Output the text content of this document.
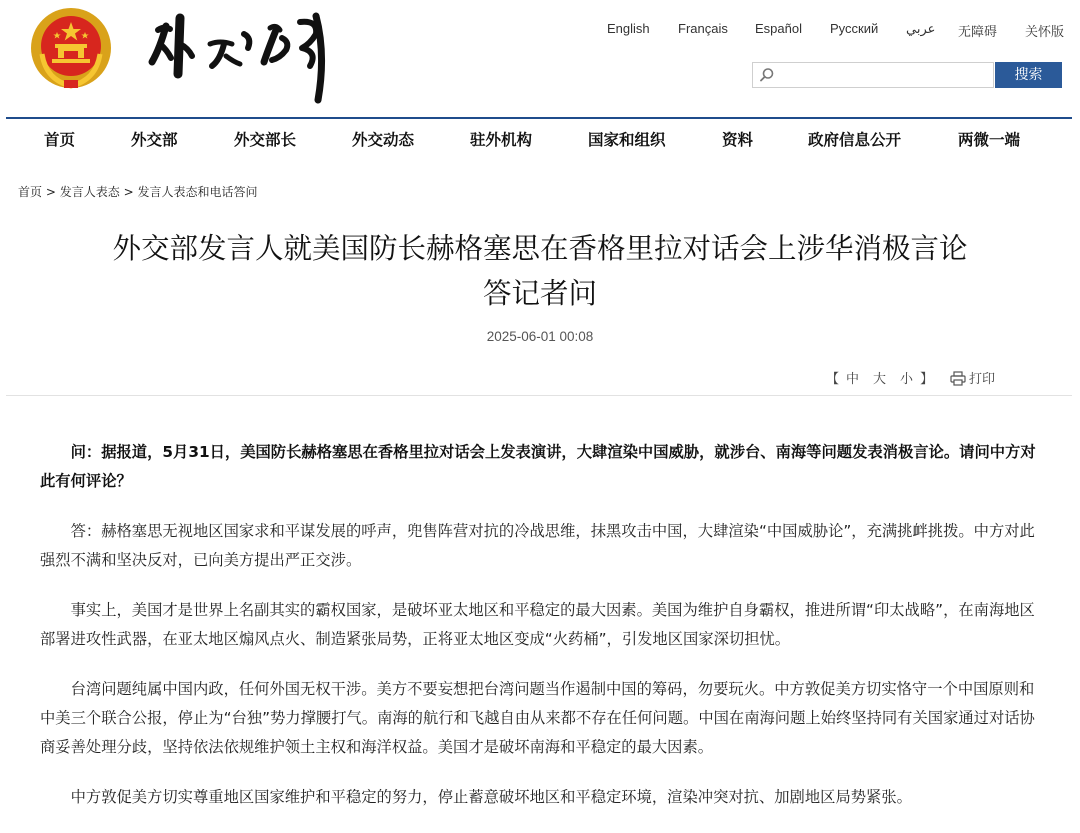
English Français Español Русский عربي 无障碍 关怀版
搜索
首页	外交部	外交部长	外交动态	驻外机构	国家和组织	资料	政府信息公开	两微一端
首页 > 发言人表态 > 发言人表态和电话答问
外交部发言人就美国防长赫格塞思在香格里拉对话会上涉华消极言论
答记者问
2025-06-01 00:08
【 中 大 小 】	打印

问：据报道，5月31日，美国防长赫格塞思在香格里拉对话会上发表演讲，大肆渲染中国威胁，就涉台、南海等问题发表消极言论。请问中方对此有何评论？

答：赫格塞思无视地区国家求和平谋发展的呼声，兜售阵营对抗的冷战思维，抹黑攻击中国，大肆渲染“中国威胁论”，充满挑衅挑拨。中方对此强烈不满和坚决反对，已向美方提出严正交涉。

事实上，美国才是世界上名副其实的霸权国家，是破坏亚太地区和平稳定的最大因素。美国为维护自身霸权，推进所谓“印太战略”，在南海地区部署进攻性武器，在亚太地区煽风点火、制造紧张局势，正将亚太地区变成“火药桶”，引发地区国家深切担忧。

台湾问题纯属中国内政，任何外国无权干涉。美方不要妄想把台湾问题当作遏制中国的筹码，勿要玩火。中方敦促美方切实恪守一个中国原则和中美三个联合公报，停止为“台独”势力撑腰打气。南海的航行和飞越自由从来都不存在任何问题。中国在南海问题上始终坚持同有关国家通过对话协商妥善处理分歧，坚持依法依规维护领土主权和海洋权益。美国才是破坏南海和平稳定的最大因素。

中方敦促美方切实尊重地区国家维护和平稳定的努力，停止蓄意破坏地区和平稳定环境，渲染冲突对抗、加剧地区局势紧张。
